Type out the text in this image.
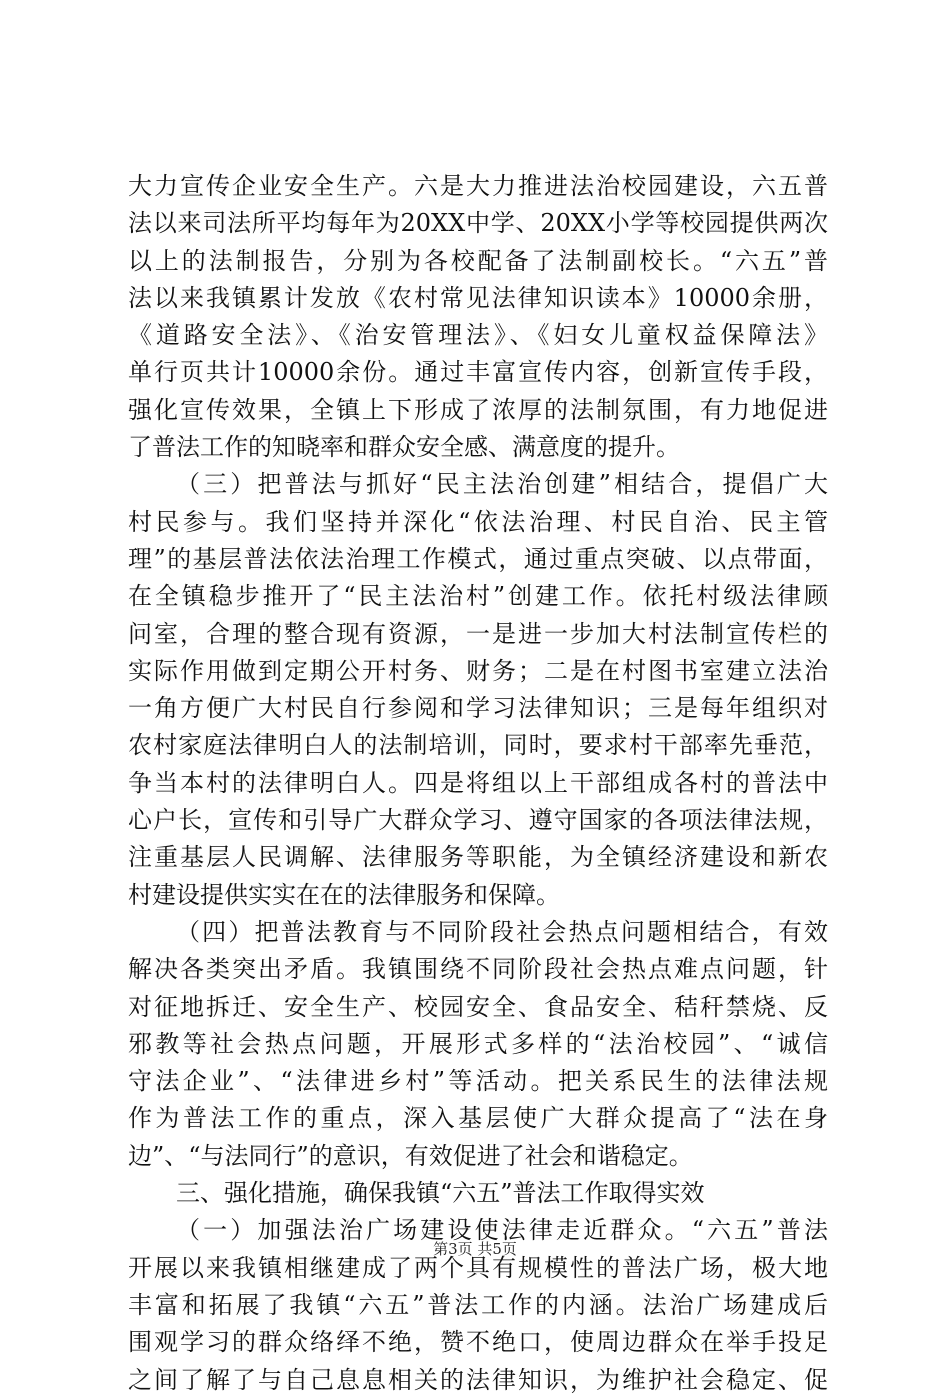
大力宣传企业安全生产。六是大力推进法治校园建设，六五普
法以来司法所平均每年为20XX中学、20XX小学等校园提供两次
以上的法制报告，分别为各校配备了法制副校长。“六五”普
法以来我镇累计发放《农村常见法律知识读本》10000余册，
《道路安全法》、《治安管理法》、《妇女儿童权益保障法》
单行页共计10000余份。通过丰富宣传内容，创新宣传手段，
强化宣传效果，全镇上下形成了浓厚的法制氛围，有力地促进
了普法工作的知晓率和群众安全感、满意度的提升。
（三）把普法与抓好“民主法治创建”相结合，提倡广大
村民参与。我们坚持并深化“依法治理、村民自治、民主管
理”的基层普法依法治理工作模式，通过重点突破、以点带面，
在全镇稳步推开了“民主法治村”创建工作。依托村级法律顾
问室，合理的整合现有资源，一是进一步加大村法制宣传栏的
实际作用做到定期公开村务、财务；二是在村图书室建立法治
一角方便广大村民自行参阅和学习法律知识；三是每年组织对
农村家庭法律明白人的法制培训，同时，要求村干部率先垂范，
争当本村的法律明白人。四是将组以上干部组成各村的普法中
心户长，宣传和引导广大群众学习、遵守国家的各项法律法规，
注重基层人民调解、法律服务等职能，为全镇经济建设和新农
村建设提供实实在在的法律服务和保障。
（四）把普法教育与不同阶段社会热点问题相结合，有效
解决各类突出矛盾。我镇围绕不同阶段社会热点难点问题，针
对征地拆迁、安全生产、校园安全、食品安全、秸秆禁烧、反
邪教等社会热点问题，开展形式多样的“法治校园”、“诚信
守法企业”、“法律进乡村”等活动。把关系民生的法律法规
作为普法工作的重点，深入基层使广大群众提高了“法在身
边”、“与法同行”的意识，有效促进了社会和谐稳定。
三、强化措施，确保我镇“六五”普法工作取得实效
（一）加强法治广场建设使法律走近群众。“六五”普法
开展以来我镇相继建成了两个具有规模性的普法广场，极大地
丰富和拓展了我镇“六五”普法工作的内涵。法治广场建成后
围观学习的群众络绎不绝，赞不绝口，使周边群众在举手投足
之间了解了与自己息息相关的法律知识，为维护社会稳定、促
第3页 共5页
